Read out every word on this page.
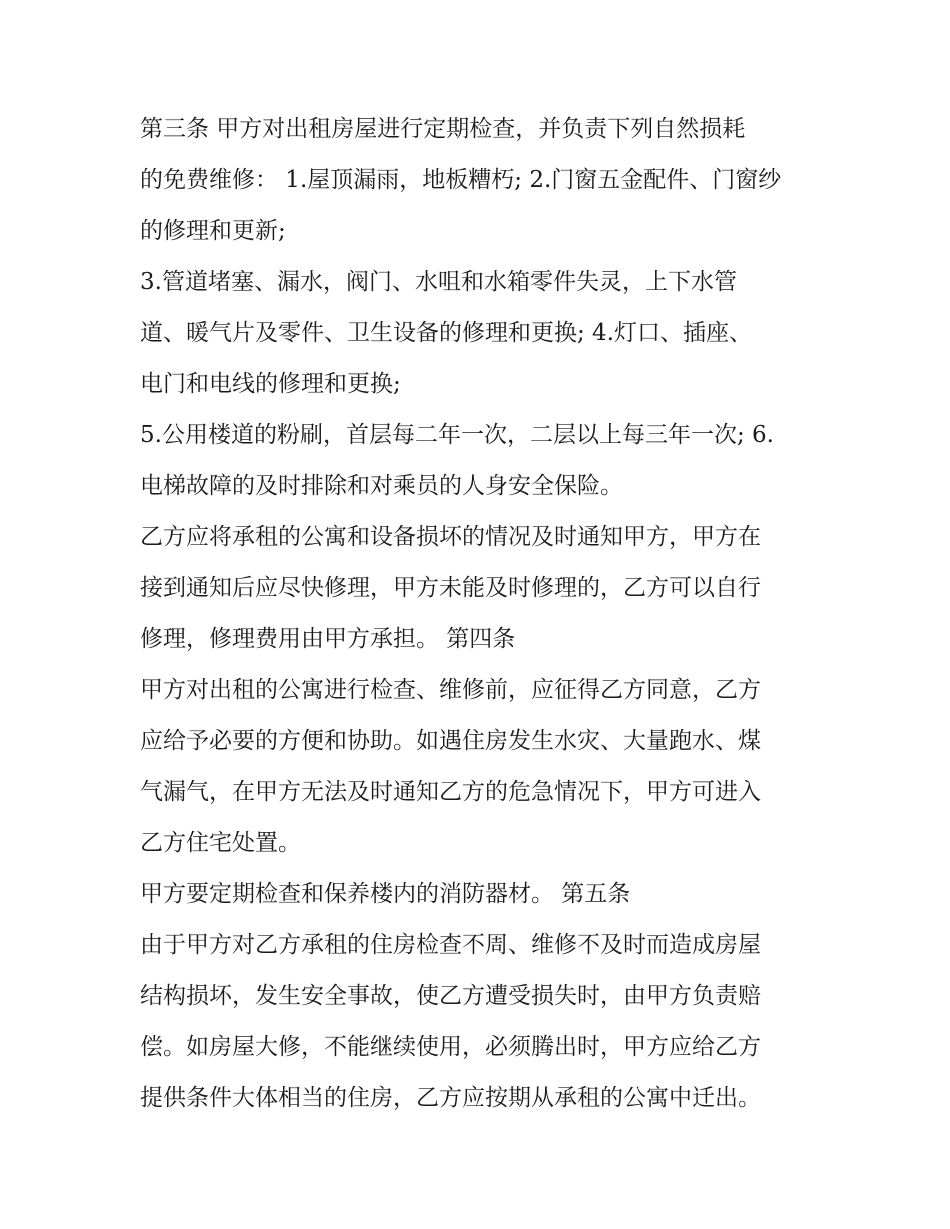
第三条 甲方对出租房屋进行定期检查，并负责下列自然损耗
的免费维修： 1.屋顶漏雨，地板糟朽; 2.门窗五金配件、门窗纱
的修理和更新;
3.管道堵塞、漏水，阀门、水咀和水箱零件失灵，上下水管
道、暖气片及零件、卫生设备的修理和更换; 4.灯口、插座、
电门和电线的修理和更换;
5.公用楼道的粉刷，首层每二年一次，二层以上每三年一次; 6.
电梯故障的及时排除和对乘员的人身安全保险。
乙方应将承租的公寓和设备损坏的情况及时通知甲方，甲方在
接到通知后应尽快修理，甲方未能及时修理的，乙方可以自行
修理，修理费用由甲方承担。 第四条
甲方对出租的公寓进行检查、维修前，应征得乙方同意，乙方
应给予必要的方便和协助。如遇住房发生水灾、大量跑水、煤
气漏气，在甲方无法及时通知乙方的危急情况下，甲方可进入
乙方住宅处置。
甲方要定期检查和保养楼内的消防器材。 第五条
由于甲方对乙方承租的住房检查不周、维修不及时而造成房屋
结构损坏，发生安全事故，使乙方遭受损失时，由甲方负责赔
偿。如房屋大修，不能继续使用，必须腾出时，甲方应给乙方
提供条件大体相当的住房，乙方应按期从承租的公寓中迁出。
